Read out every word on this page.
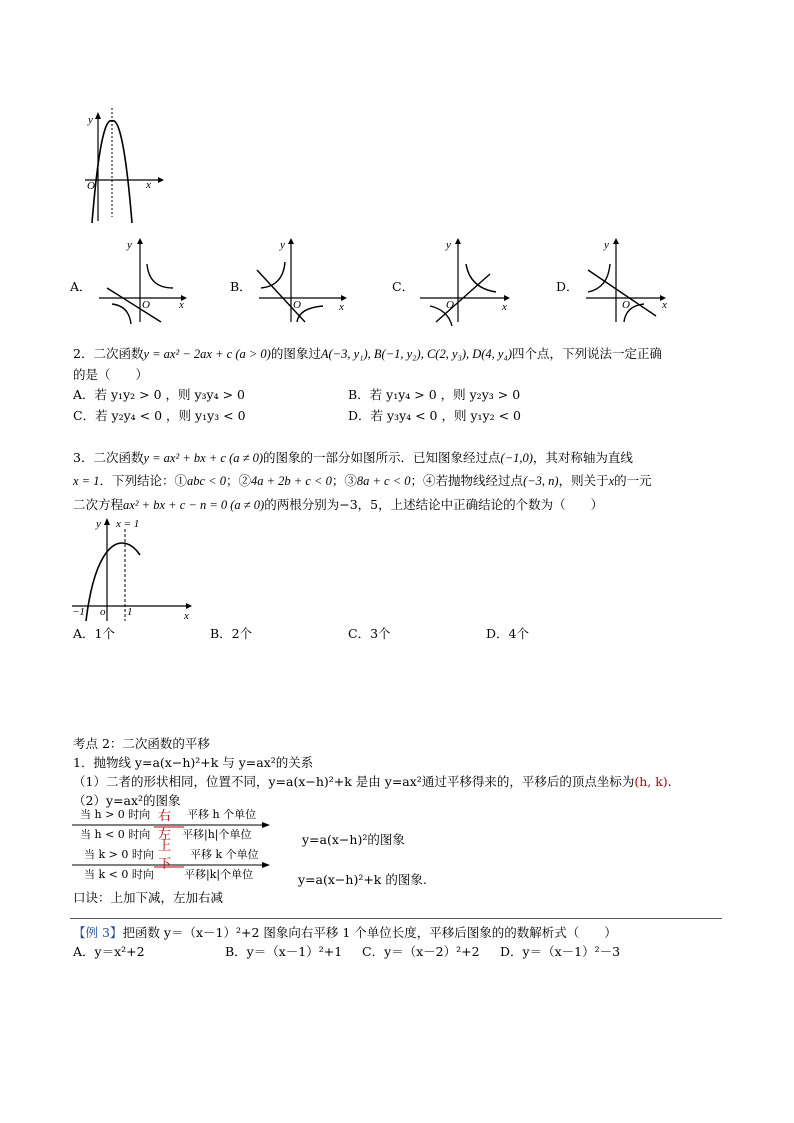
y
x
O
A．
y
x
O
B．
y
x
O
C．
y
x
O
D．
y
x
O
2．二次函数y = ax² − 2ax + c (a > 0)的图象过A(−3, y₁), B(−1, y₂), C(2, y₃), D(4, y₄)四个点，下列说法一定正确
的是（　　）
A．若 y₁y₂ > 0 ，则 y₃y₄ > 0	B．若 y₁y₄ > 0 ，则 y₂y₃ > 0
C．若 y₂y₄ < 0 ，则 y₁y₃ < 0	D．若 y₃y₄ < 0 ，则 y₁y₂ < 0
3．二次函数y = ax² + bx + c (a ≠ 0)的图象的一部分如图所示．已知图象经过点(−1,0)，其对称轴为直线
x = 1．下列结论：①abc < 0；②4a + 2b + c < 0；③8a + c < 0；④若抛物线经过点(−3, n)，则关于x的一元
二次方程ax² + bx + c − n = 0 (a ≠ 0)的两根分别为−3，5，上述结论中正确结论的个数为（　　）
y x = 1
x
−1 o 1
A．1个	B．2个	C．3个	D．4个
考点 2：二次函数的平移
1．抛物线 y=a(x−h)²+k 与 y=ax²的关系
（1）二者的形状相同，位置不同，y=a(x−h)²+k 是由 y=ax²通过平移得来的，平移后的顶点坐标为(h, k).
（2）y=ax²的图象
当 h > 0 时向 右 平移 h 个单位
当 h < 0 时向 左 平移|h|个单位	y=a(x−h)²的图象
当 k > 0 时向
上
平移 k 个单位
当 k < 0 时向
下
平移|k|个单位	y=a(x−h)²+k 的图象.
口诀：上加下减，左加右减
【例 3】把函数 y＝（x－1）²+2 图象向右平移 1 个单位长度，平移后图象的的数解析式（　　）
A．y＝x²+2	B．y＝（x－1）²+1 C．y＝（x－2）²+2 D．y＝（x－1）²－3
